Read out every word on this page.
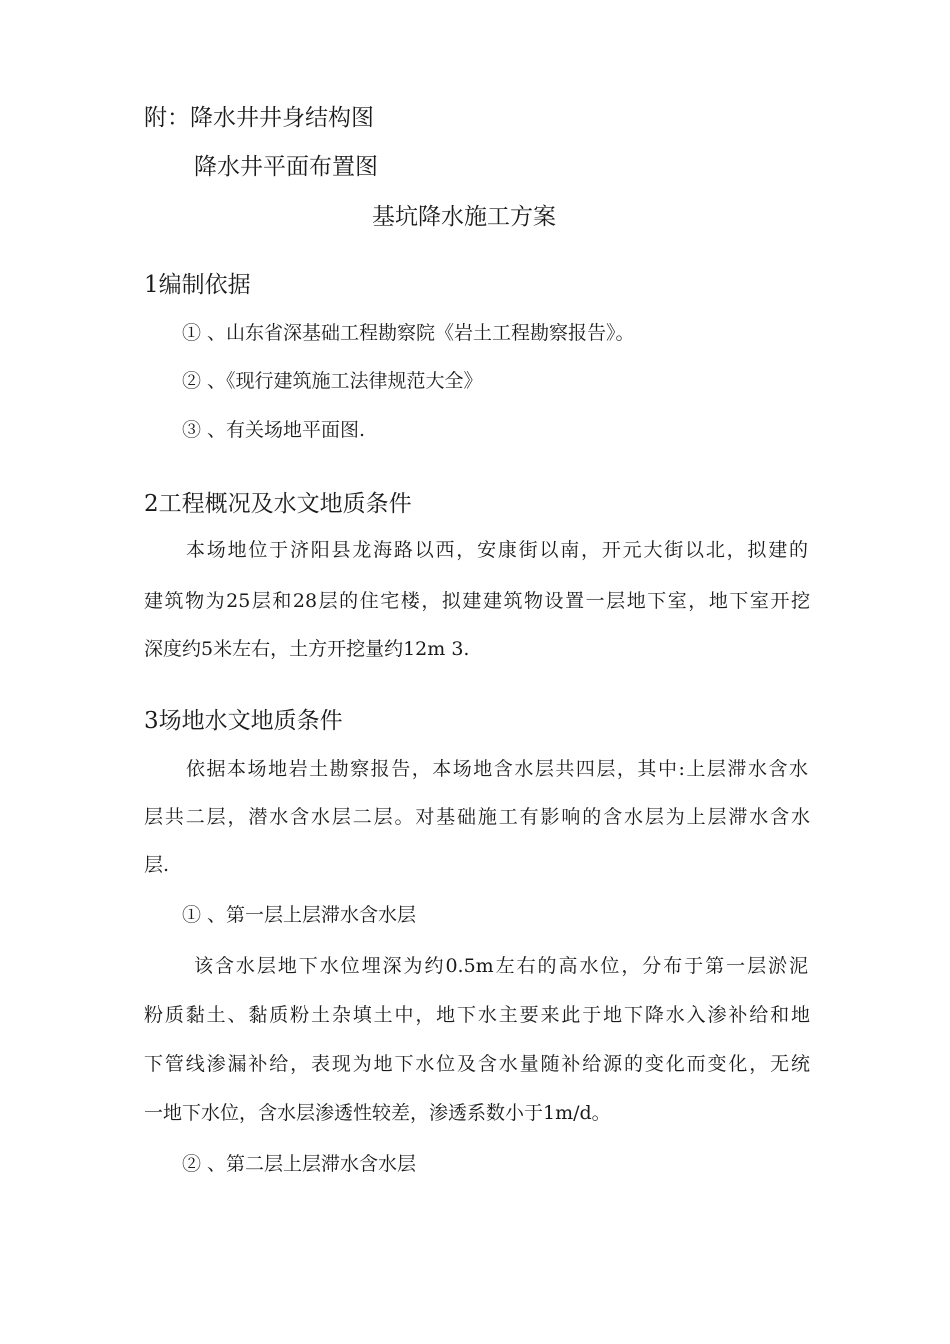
附：降水井井身结构图
降水井平面布置图
基坑降水施工方案
1编制依据
① 、山东省深基础工程勘察院《岩土工程勘察报告》。
② 、《现行建筑施工法律规范大全》
③ 、有关场地平面图.
2工程概况及水文地质条件
本场地位于济阳县龙海路以西，安康街以南，开元大街以北，拟建的
建筑物为25层和28层的住宅楼，拟建建筑物设置一层地下室，地下室开挖
深度约5米左右，土方开挖量约12m 3.
3场地水文地质条件
依据本场地岩土勘察报告，本场地含水层共四层，其中:上层滞水含水
层共二层，潜水含水层二层。对基础施工有影响的含水层为上层滞水含水
层.
① 、第一层上层滞水含水层
该含水层地下水位埋深为约0.5m左右的高水位，分布于第一层淤泥
粉质黏土、黏质粉土杂填土中，地下水主要来此于地下降水入渗补给和地
下管线渗漏补给，表现为地下水位及含水量随补给源的变化而变化，无统
一地下水位，含水层渗透性较差，渗透系数小于1m/d。
② 、第二层上层滞水含水层
